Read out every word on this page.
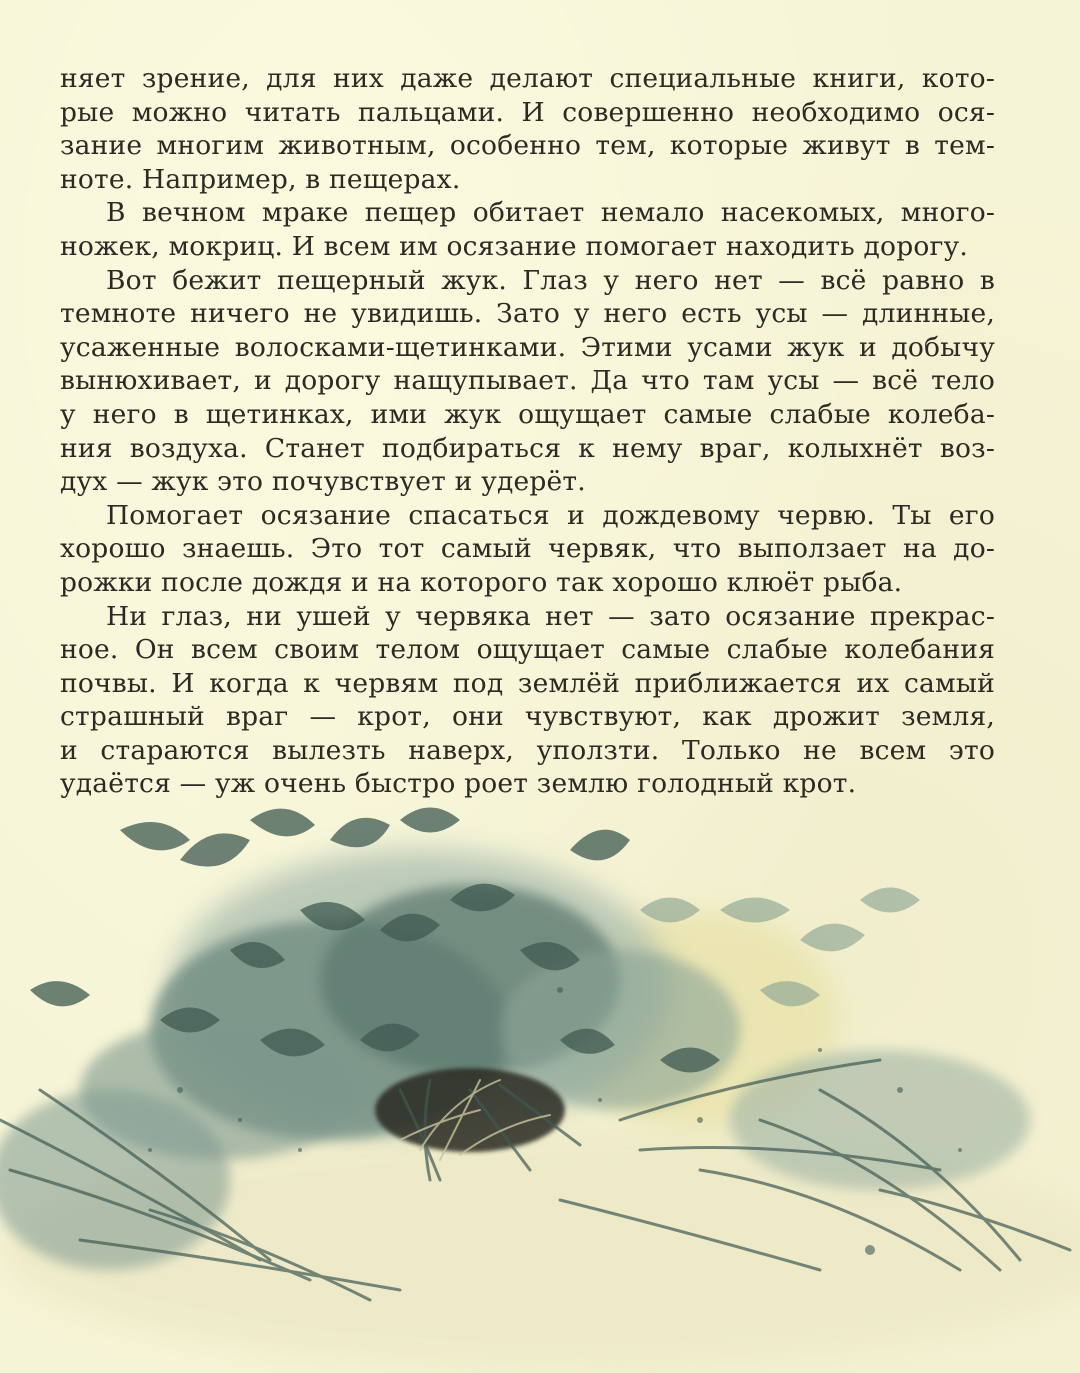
няет зрение, для них даже делают специальные книги, кото-
рые можно читать пальцами. И совершенно необходимо ося-
зание многим животным, особенно тем, которые живут в тем-
ноте. Например, в пещерах.
В вечном мраке пещер обитает немало насекомых, много-
ножек, мокриц. И всем им осязание помогает находить дорогу.
Вот бежит пещерный жук. Глаз у него нет — всё равно в
темноте ничего не увидишь. Зато у него есть усы — длинные,
усаженные волосками-щетинками. Этими усами жук и добычу
вынюхивает, и дорогу нащупывает. Да что там усы — всё тело
у него в щетинках, ими жук ощущает самые слабые колеба-
ния воздуха. Станет подбираться к нему враг, колыхнёт воз-
дух — жук это почувствует и удерёт.
Помогает осязание спасаться и дождевому червю. Ты его
хорошо знаешь. Это тот самый червяк, что выползает на до-
рожки после дождя и на которого так хорошо клюёт рыба.
Ни глаз, ни ушей у червяка нет — зато осязание прекрас-
ное. Он всем своим телом ощущает самые слабые колебания
почвы. И когда к червям под землёй приближается их самый
страшный враг — крот, они чувствуют, как дрожит земля,
и стараются вылезть наверх, уползти. Только не всем это
удаётся — уж очень быстро роет землю голодный крот.
